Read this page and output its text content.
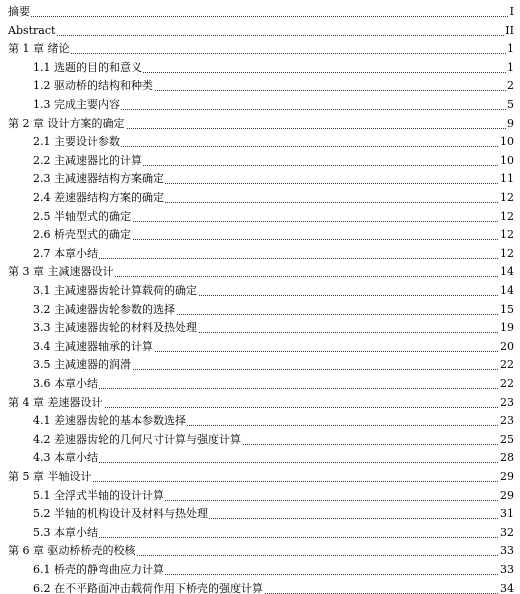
摘要	I
Abstract	II
第 1 章 绪论	1
1.1 选题的目的和意义	1
1.2 驱动桥的结构和种类	2
1.3 完成主要内容	5
第 2 章 设计方案的确定	9
2.1 主要设计参数	10
2.2 主减速器比的计算	10
2.3 主减速器结构方案确定	11
2.4 差速器结构方案的确定	12
2.5 半轴型式的确定	12
2.6 桥壳型式的确定	12
2.7 本章小结	12
第 3 章 主减速器设计	14
3.1 主减速器齿轮计算载荷的确定	14
3.2 主减速器齿轮参数的选择	15
3.3 主减速器齿轮的材料及热处理	19
3.4 主减速器轴承的计算	20
3.5 主减速器的润滑	22
3.6 本章小结	22
第 4 章 差速器设计	23
4.1 差速器齿轮的基本参数选择	23
4.2 差速器齿轮的几何尺寸计算与强度计算	25
4.3 本章小结	28
第 5 章 半轴设计	29
5.1 全浮式半轴的设计计算	29
5.2 半轴的机构设计及材料与热处理	31
5.3 本章小结	32
第 6 章 驱动桥桥壳的校核	33
6.1 桥壳的静弯曲应力计算	33
6.2 在不平路面冲击载荷作用下桥壳的强度计算	34
